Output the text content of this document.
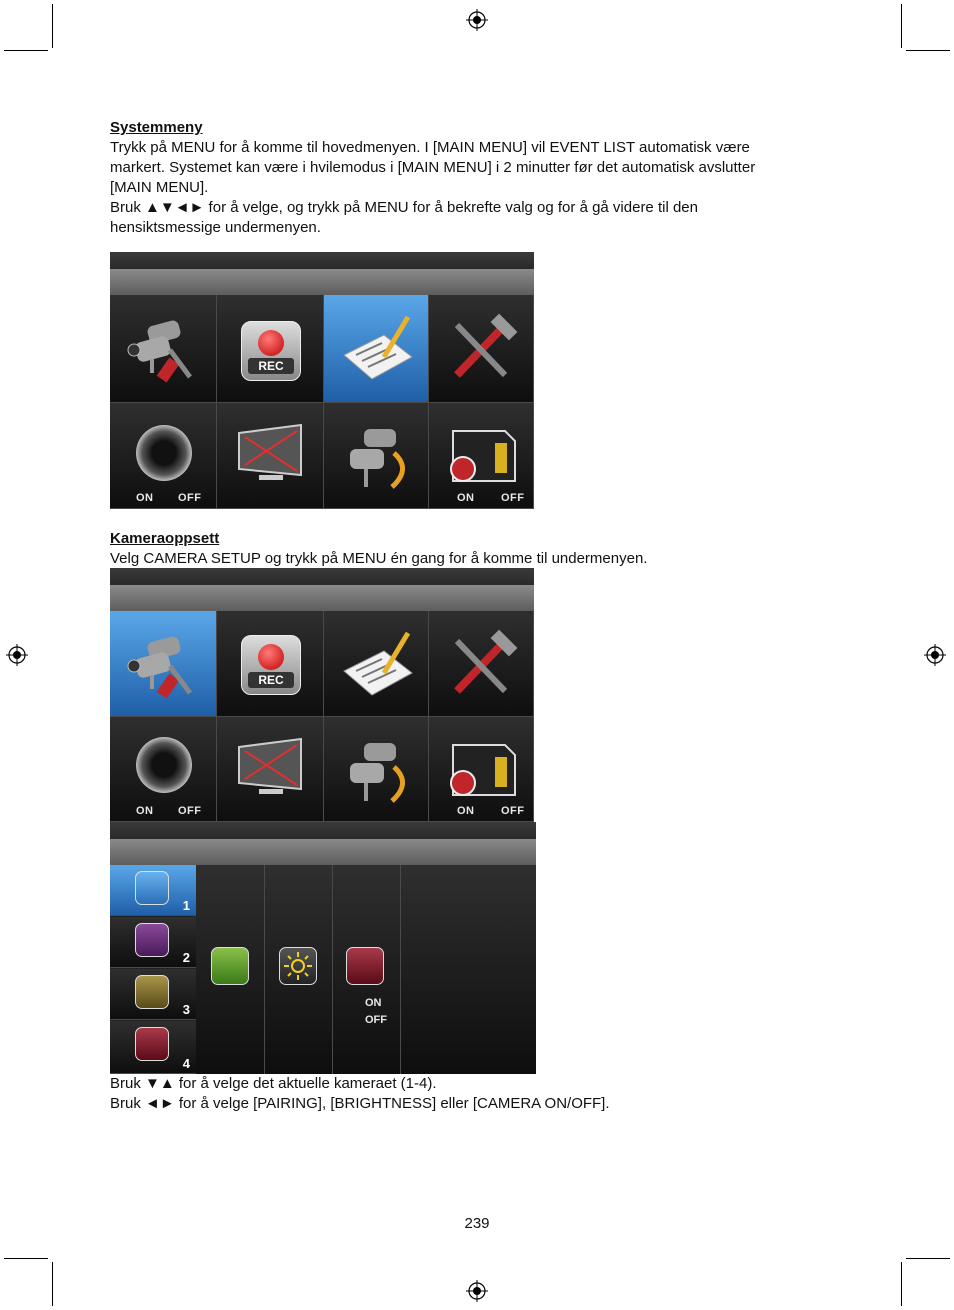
Systemmeny
Trykk på MENU for å komme til hovedmenyen. I [MAIN MENU] vil EVENT LIST automatisk være
markert. Systemet kan være i hvilemodus i [MAIN MENU] i 2 minutter før det automatisk avslutter
[MAIN MENU].
Bruk ▲▼◄► for å velge, og trykk på MENU for å bekrefte valg og for å gå videre til den
hensiktsmessige undermenyen.
REC
ON OFF	ON OFF
Kameraoppsett
Velg CAMERA SETUP og trykk på MENU én gang for å komme til undermenyen.
REC
ON OFF	ON OFF
1
2
3
4
ON
OFF
Bruk ▼▲ for å velge det aktuelle kameraet (1-4).
Bruk ◄► for å velge [PAIRING], [BRIGHTNESS] eller [CAMERA ON/OFF].
239
